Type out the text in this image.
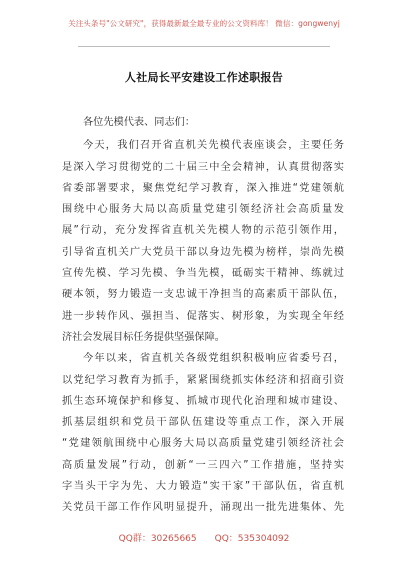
关注头条号"公文研究"，获得最新最全最专业的公文资料库！ 微信：gongwenyj
人社局长平安建设工作述职报告
各位先模代表、同志们：
今天，我们召开省直机关先模代表座谈会，主要任务
是深入学习贯彻党的二十届三中全会精神，认真贯彻落实
省委部署要求，聚焦党纪学习教育，深入推进“党建领航
围绕中心服务大局以高质量党建引领经济社会高质量发
展”行动，充分发挥省直机关先模人物的示范引领作用，
引导省直机关广大党员干部以身边先模为榜样，崇尚先模
宣传先模、学习先模、争当先模，砥砺实干精神、练就过
硬本领，努力锻造一支忠诚干净担当的高素质干部队伍，
进一步转作风、强担当、促落实、树形象，为实现全年经
济社会发展目标任务提供坚强保障。
今年以来，省直机关各级党组织积极响应省委号召，
以党纪学习教育为抓手，紧紧围绕抓实体经济和招商引资
抓生态环境保护和修复、抓城市现代化治理和城市建设、
抓基层组织和党员干部队伍建设等重点工作，深入开展
“党建领航围绕中心服务大局以高质量党建引领经济社会
高质量发展”行动，创新“一三四六”工作措施，坚持实
字当头干字为先、大力锻造“实干家”干部队伍，省直机
关党员干部工作作风明显提升，涌现出一批先进集体、先
QQ群：30265665 QQ：535304092
